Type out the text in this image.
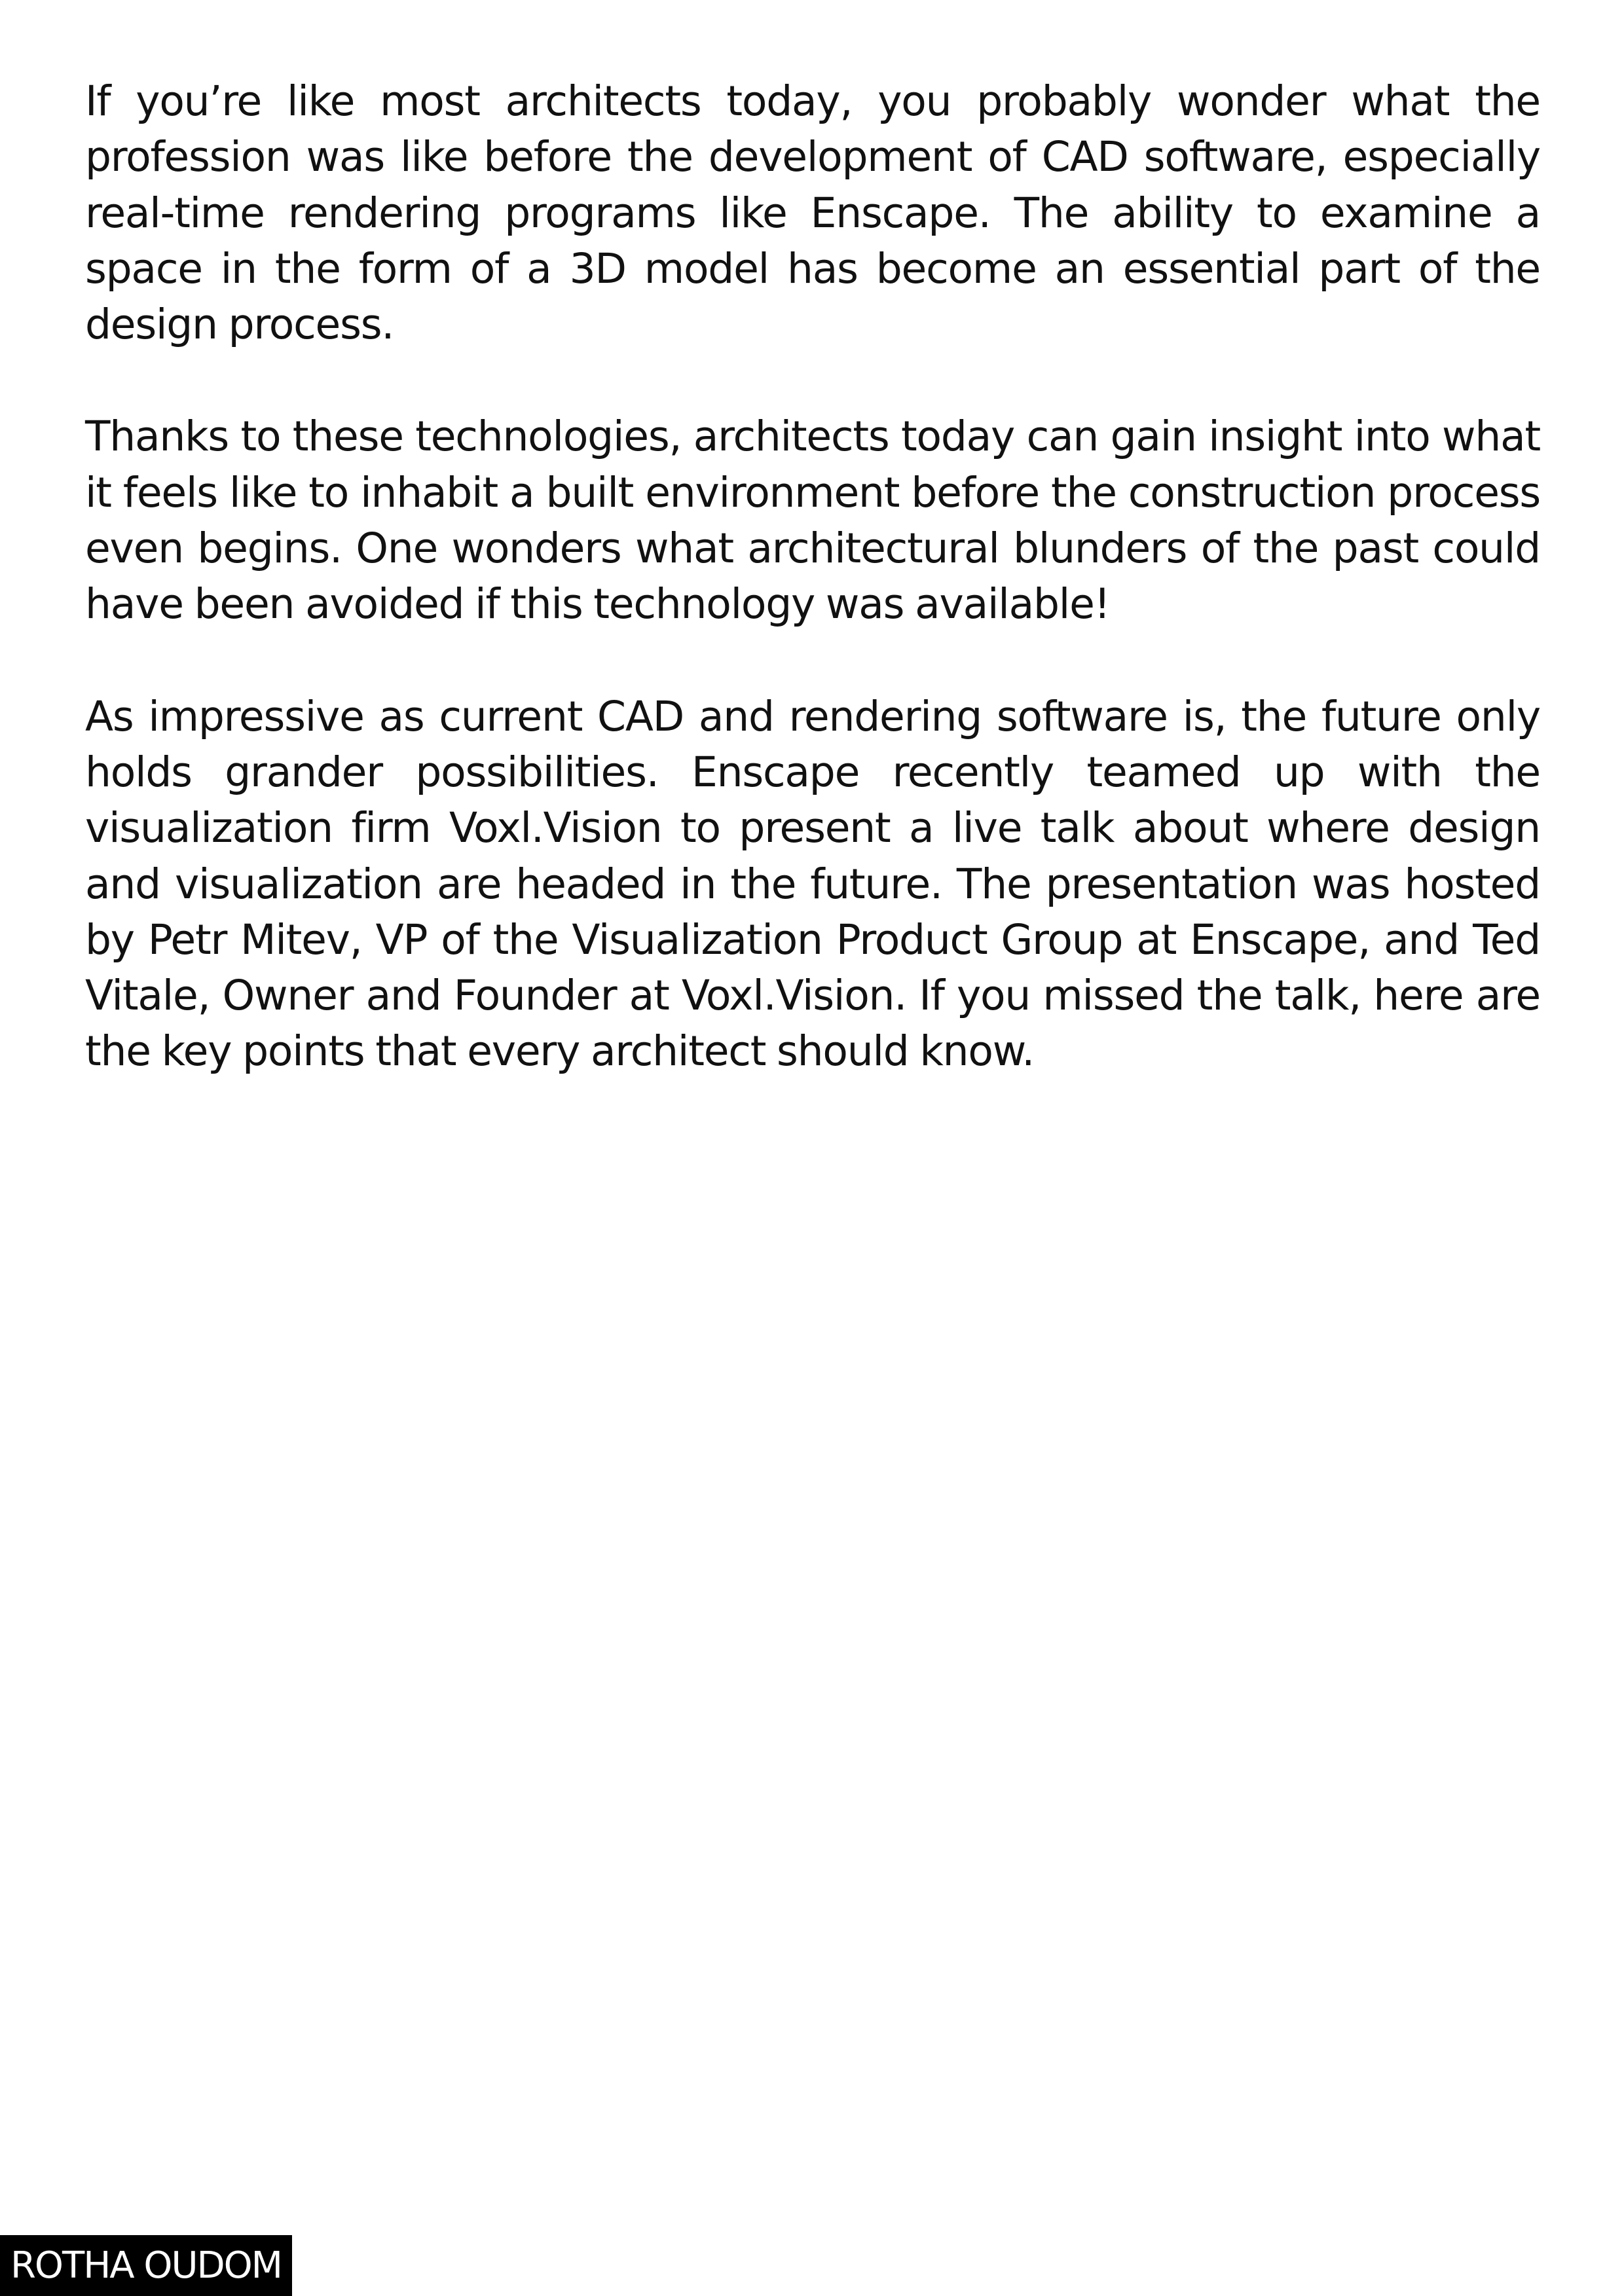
If you’re like most architects today, you probably wonder what the profession was like before the development of CAD software, especially real-time rendering programs like Enscape. The ability to examine a space in the form of a 3D model has become an essential part of the design process.

Thanks to these technologies, architects today can gain insight into what it feels like to inhabit a built environment before the construction process even begins. One wonders what architectural blunders of the past could have been avoided if this technology was available!

As impressive as current CAD and rendering software is, the future only holds grander possibilities. Enscape recently teamed up with the visualization firm Voxl.Vision to present a live talk about where design and visualization are headed in the future. The presentation was hosted by Petr Mitev, VP of the Visualization Product Group at Enscape, and Ted Vitale, Owner and Founder at Voxl.Vision. If you missed the talk, here are the key points that every architect should know.

ROTHA OUDOM
